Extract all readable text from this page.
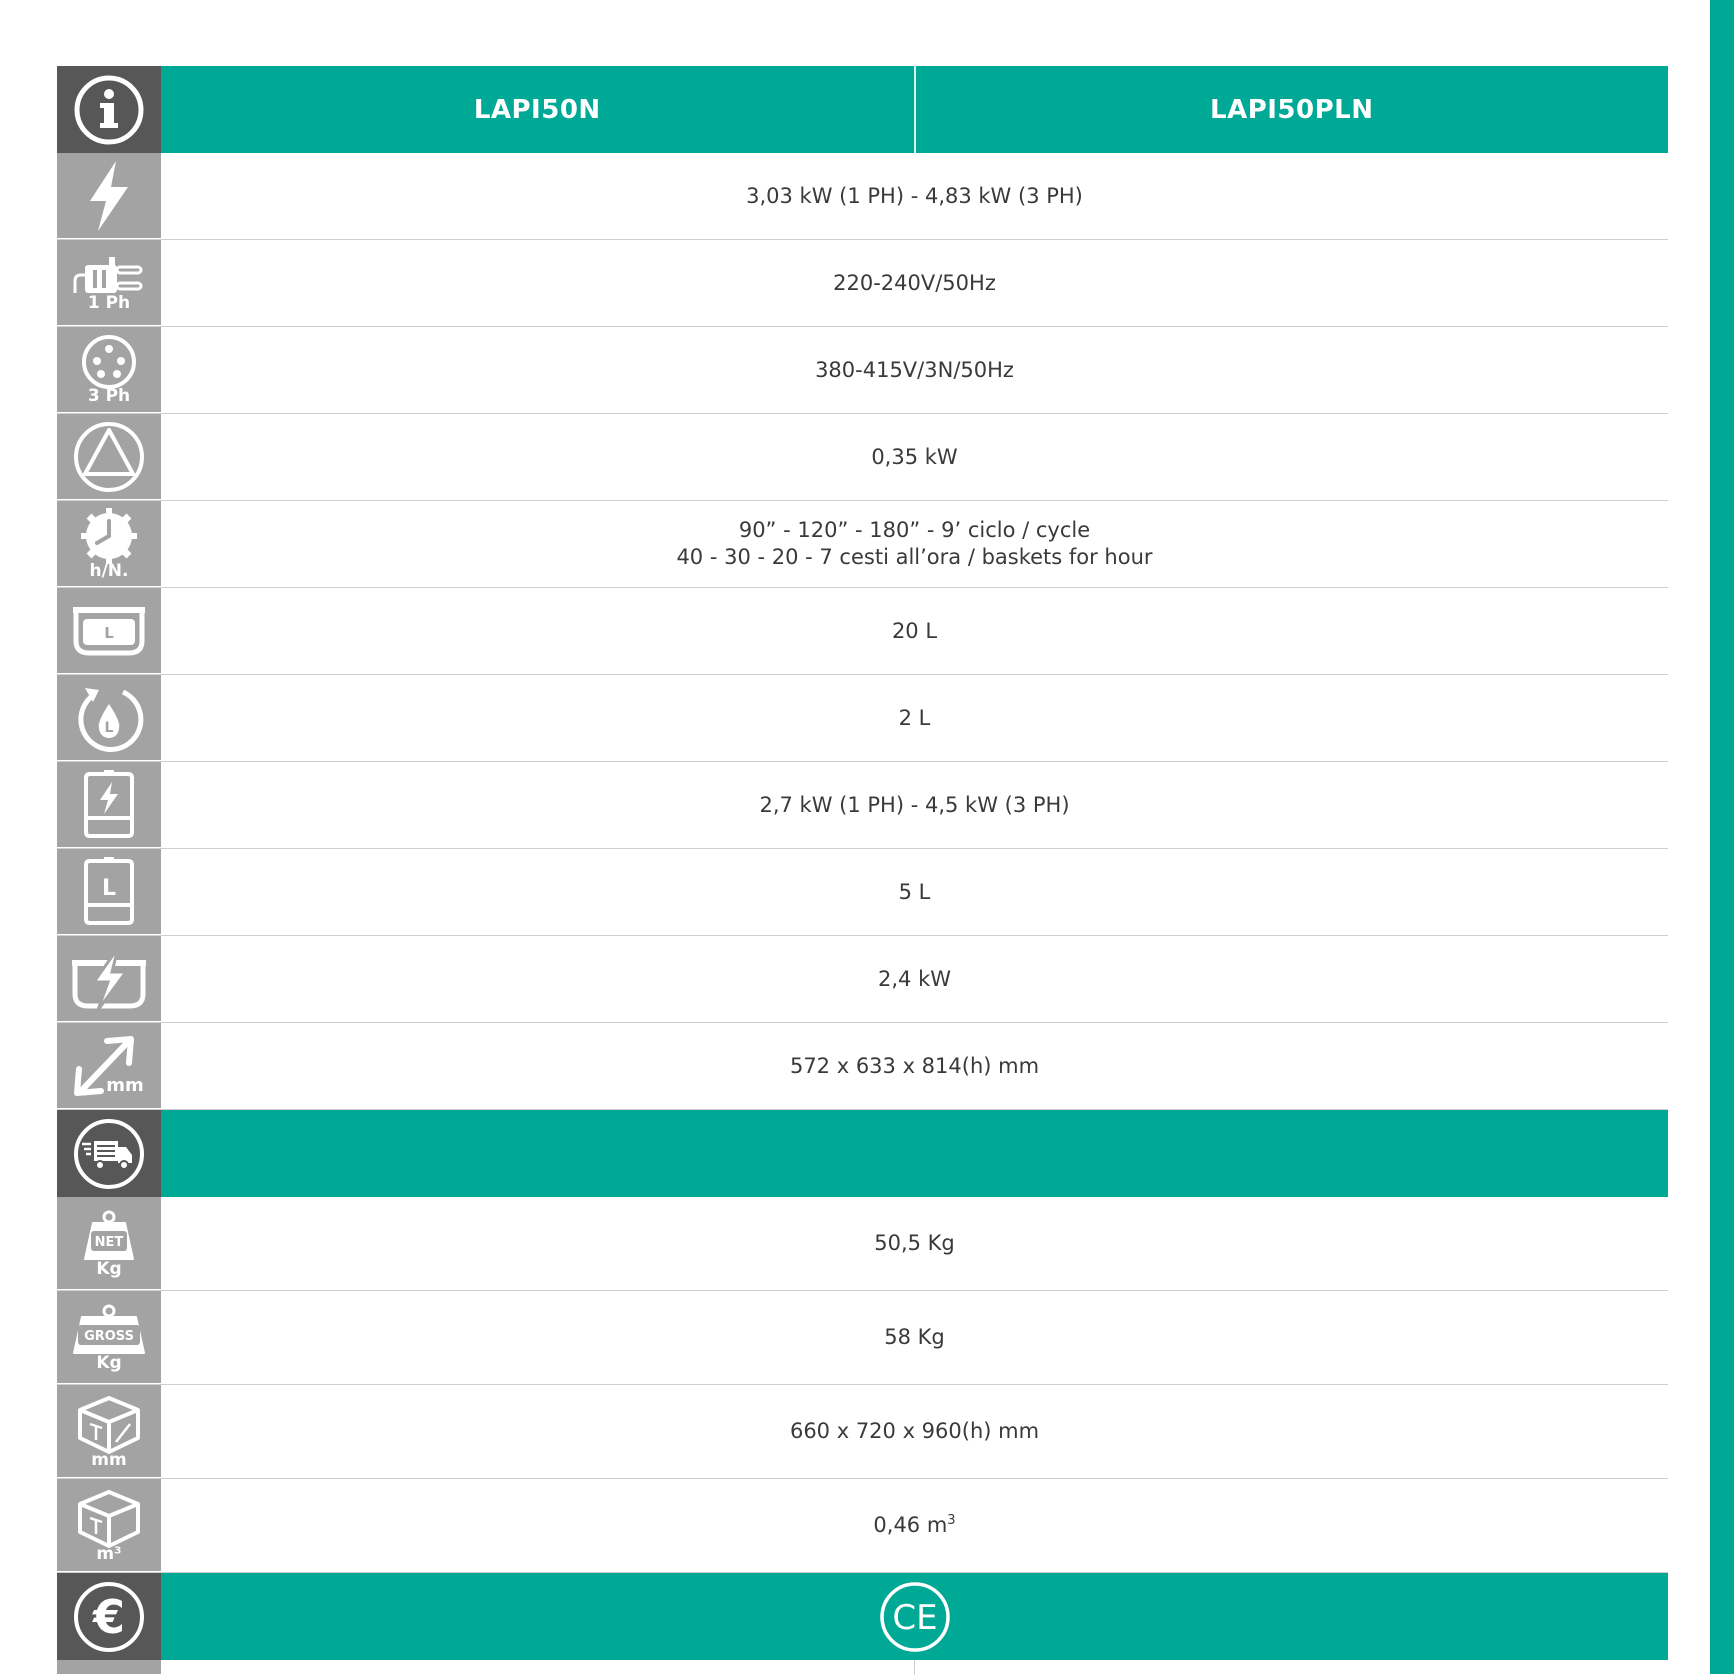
LAPI50N	LAPI50PLN
3,03 kW (1 PH) - 4,83 kW (3 PH)
1 Ph
220-240V/50Hz
3 Ph
380-415V/3N/50Hz
0,35 kW
h/N.
90” - 120” - 180” - 9’ ciclo / cycle
40 - 30 - 20 - 7 cesti all’ora / baskets for hour
L	20 L
L	2 L
2,7 kW (1 PH) - 4,5 kW (3 PH)
L	5 L
2,4 kW
mm
572 x 633 x 814(h) mm
NET
Kg
50,5 Kg
GROSS
Kg
58 Kg
mm
660 x 720 x 960(h) mm
m³
0,46 $m^3$
€	CE
